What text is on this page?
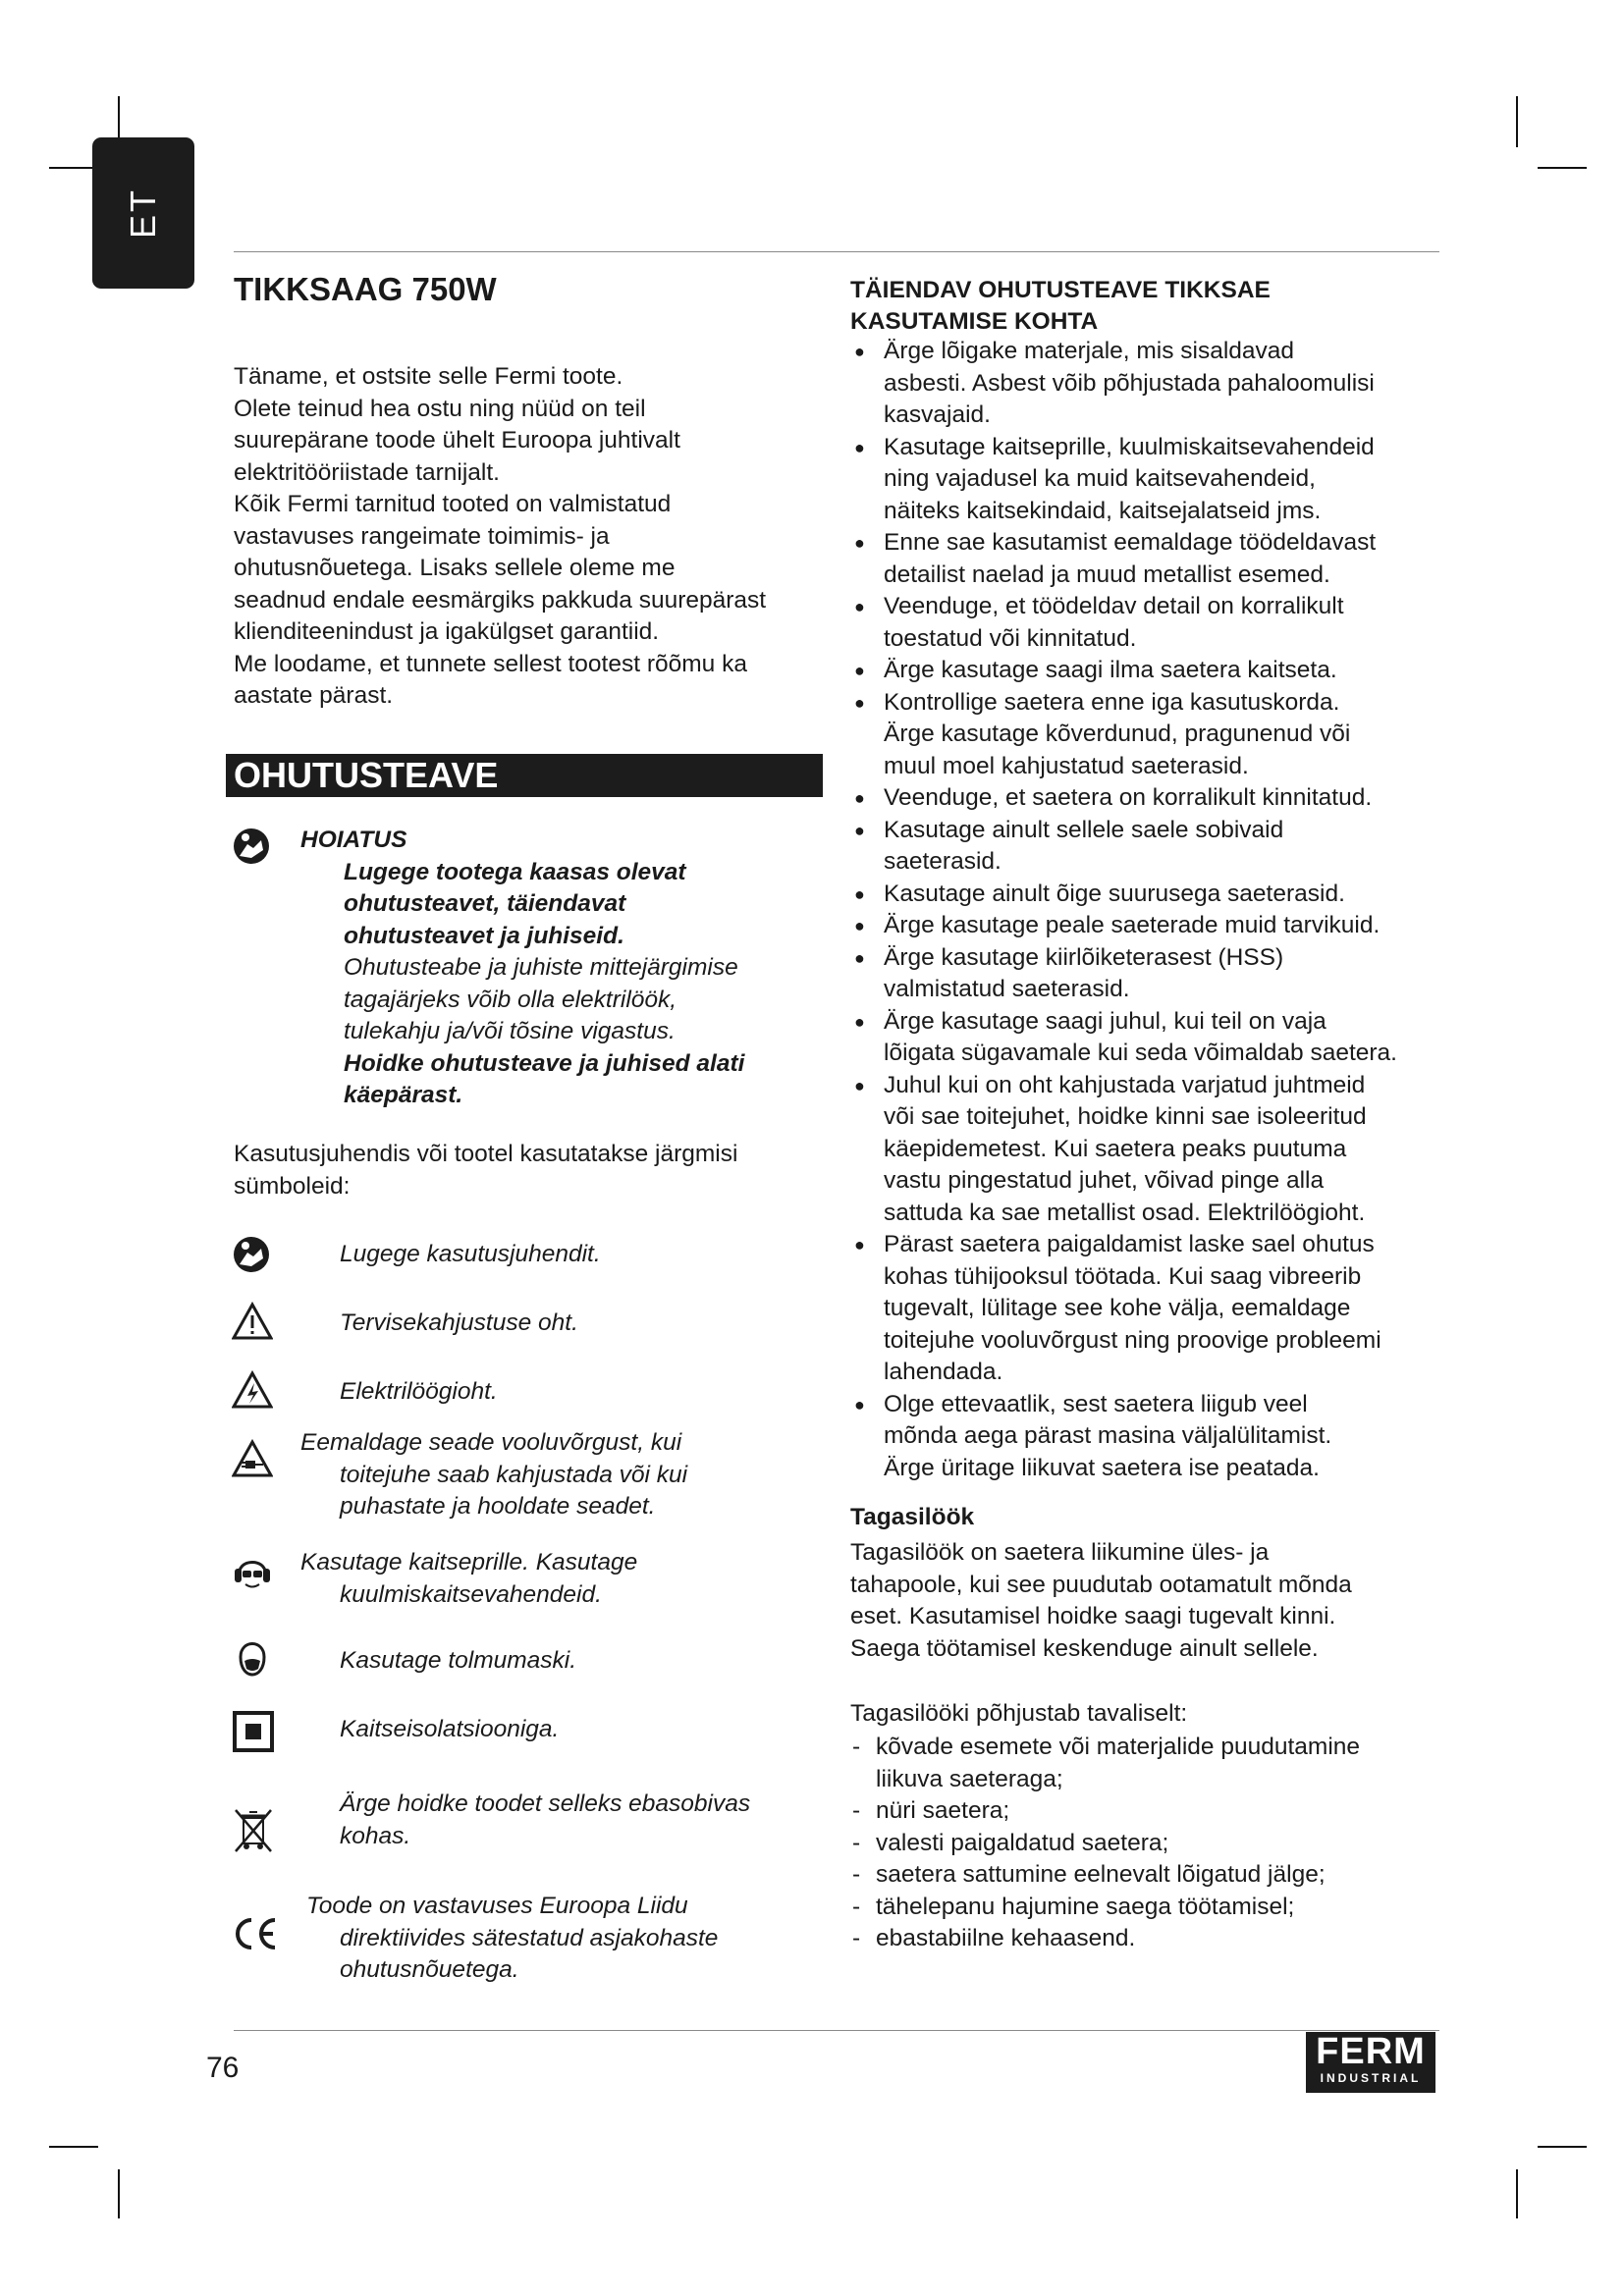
ET
TIKKSAAG 750W

Täname, et ostsite selle Fermi toote.

Olete teinud hea ostu ning nüüd on teil

suurepärane toode ühelt Euroopa juhtivalt

elektritööriistade tarnijalt.

Kõik Fermi tarnitud tooted on valmistatud

vastavuses rangeimate toimimis- ja

ohutusnõuetega. Lisaks sellele oleme me

seadnud endale eesmärgiks pakkuda suurepärast

klienditeenindust ja igakülgset garantiid.

Me loodame, et tunnete sellest tootest rõõmu ka

aastate pärast.

OHUTUSTEAVE
HOIATUS
Lugege tootega kaasas olevat
ohutusteavet, täiendavat
ohutusteavet ja juhiseid.
Ohutusteabe ja juhiste mittejärgimise
tagajärjeks võib olla elektrilöök,
tulekahju ja/või tõsine vigastus.
Hoidke ohutusteave ja juhised alati
käepärast.

Kasutusjuhendis või tootel kasutatakse järgmisi

sümboleid:

Lugege kasutusjuhendit.
Tervisekahjustuse oht.
Elektrilöögioht.
Eemaldage seade vooluvõrgust, kui
toitejuhe saab kahjustada või kui
puhastate ja hooldate seadet.
Kasutage kaitseprille. Kasutage
kuulmiskaitsevahendeid.
Kasutage tolmumaski.
Kaitseisolatsiooniga.
Ärge hoidke toodet selleks ebasobivas
kohas.
Toode on vastavuses Euroopa Liidu
direktiivides sätestatud asjakohaste
ohutusnõuetega.
TÄIENDAV OHUTUSTEAVE TIKKSAE
KASUTAMISE KOHTA
● Ärge lõigake materjale, mis sisaldavad
asbesti. Asbest võib põhjustada pahaloomulisi
kasvajaid.
● Kasutage kaitseprille, kuulmiskaitsevahendeid
ning vajadusel ka muid kaitsevahendeid,
näiteks kaitsekindaid, kaitsejalatseid jms.
● Enne sae kasutamist eemaldage töödeldavast
detailist naelad ja muud metallist esemed.
● Veenduge, et töödeldav detail on korralikult
toestatud või kinnitatud.
● Ärge kasutage saagi ilma saetera kaitseta.
● Kontrollige saetera enne iga kasutuskorda.
Ärge kasutage kõverdunud, pragunenud või
muul moel kahjustatud saeterasid.
● Veenduge, et saetera on korralikult kinnitatud.
● Kasutage ainult sellele saele sobivaid
saeterasid.
● Kasutage ainult õige suurusega saeterasid.
● Ärge kasutage peale saeterade muid tarvikuid.
● Ärge kasutage kiirlõiketerasest (HSS)
valmistatud saeterasid.
● Ärge kasutage saagi juhul, kui teil on vaja
lõigata sügavamale kui seda võimaldab saetera.
● Juhul kui on oht kahjustada varjatud juhtmeid
või sae toitejuhet, hoidke kinni sae isoleeritud
käepidemetest. Kui saetera peaks puutuma
vastu pingestatud juhet, võivad pinge alla
sattuda ka sae metallist osad. Elektrilöögioht.
● Pärast saetera paigaldamist laske sael ohutus
kohas tühijooksul töötada. Kui saag vibreerib
tugevalt, lülitage see kohe välja, eemaldage
toitejuhe vooluvõrgust ning proovige probleemi
lahendada.
● Olge ettevaatlik, sest saetera liigub veel
mõnda aega pärast masina väljalülitamist.
Ärge üritage liikuvat saetera ise peatada.
Tagasilöök
Tagasilöök on saetera liikumine üles- ja
tahapoole, kui see puudutab ootamatult mõnda
eset. Kasutamisel hoidke saagi tugevalt kinni.
Saega töötamisel keskenduge ainult sellele.
Tagasilööki põhjustab tavaliselt:
- kõvade esemete või materjalide puudutamine
liikuva saeteraga;
- nüri saetera;
- valesti paigaldatud saetera;
- saetera sattumine eelnevalt lõigatud jälge;
- tähelepanu hajumine saega töötamisel;
- ebastabiilne kehaasend.
76	FERM
INDUSTRIAL
